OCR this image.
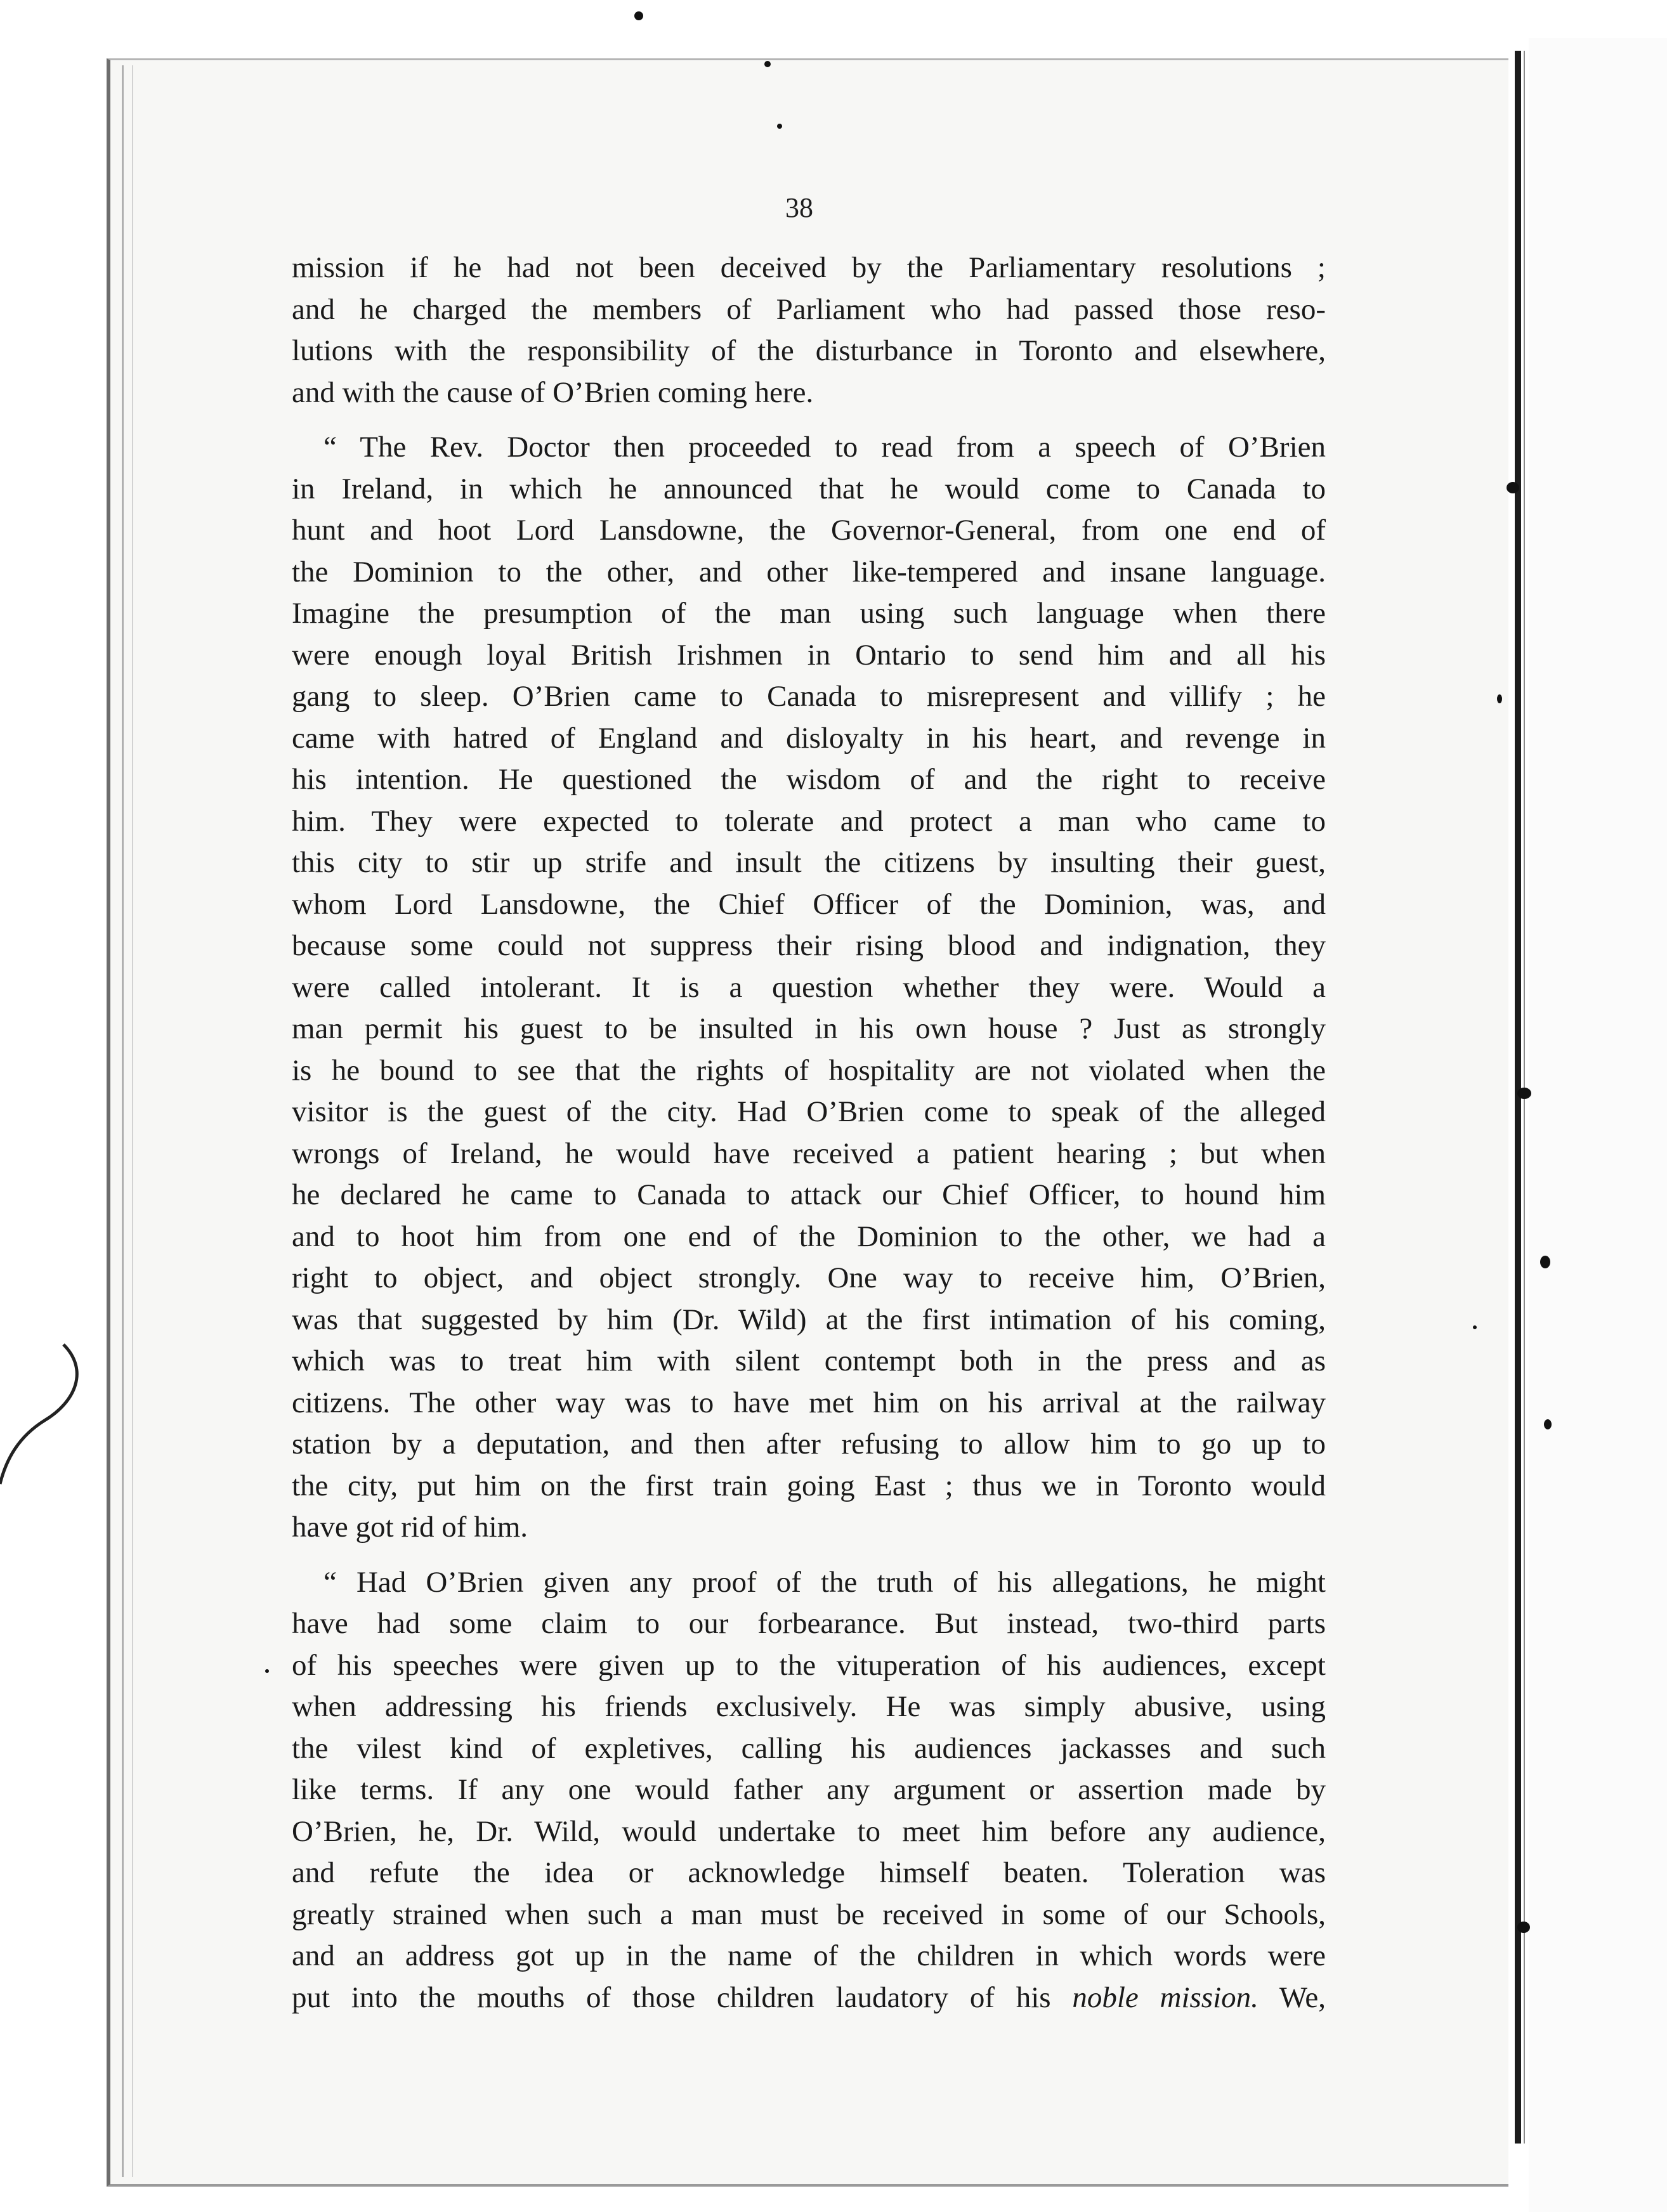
38

mission if he had not been deceived by the Parliamentary resolutions ;
and he charged the members of Parliament who had passed those reso-
lutions with the responsibility of the disturbance in Toronto and elsewhere,
and with the cause of O’Brien coming here.

“ The Rev. Doctor then proceeded to read from a speech of O’Brien
in Ireland, in which he announced that he would come to Canada to
hunt and hoot Lord Lansdowne, the Governor-General, from one end of
the Dominion to the other, and other like-tempered and insane language.
Imagine the presumption of the man using such language when there
were enough loyal British Irishmen in Ontario to send him and all his
gang to sleep. O’Brien came to Canada to misrepresent and villify ; he
came with hatred of England and disloyalty in his heart, and revenge in
his intention. He questioned the wisdom of and the right to receive
him. They were expected to tolerate and protect a man who came to
this city to stir up strife and insult the citizens by insulting their guest,
whom Lord Lansdowne, the Chief Officer of the Dominion, was, and
because some could not suppress their rising blood and indignation, they
were called intolerant. It is a question whether they were. Would a
man permit his guest to be insulted in his own house ? Just as strongly
is he bound to see that the rights of hospitality are not violated when the
visitor is the guest of the city. Had O’Brien come to speak of the alleged
wrongs of Ireland, he would have received a patient hearing ; but when
he declared he came to Canada to attack our Chief Officer, to hound him
and to hoot him from one end of the Dominion to the other, we had a
right to object, and object strongly. One way to receive him, O’Brien,
was that suggested by him (Dr. Wild) at the first intimation of his coming,
which was to treat him with silent contempt both in the press and as
citizens. The other way was to have met him on his arrival at the railway
station by a deputation, and then after refusing to allow him to go up to
the city, put him on the first train going East ; thus we in Toronto would
have got rid of him.

“ Had O’Brien given any proof of the truth of his allegations, he might
have had some claim to our forbearance. But instead, two-third parts
of his speeches were given up to the vituperation of his audiences, except
when addressing his friends exclusively. He was simply abusive, using
the vilest kind of expletives, calling his audiences jackasses and such
like terms. If any one would father any argument or assertion made by
O’Brien, he, Dr. Wild, would undertake to meet him before any audience,
and refute the idea or acknowledge himself beaten. Toleration was
greatly strained when such a man must be received in some of our Schools,
and an address got up in the name of the children in which words were
put into the mouths of those children laudatory of his noble mission. We,
